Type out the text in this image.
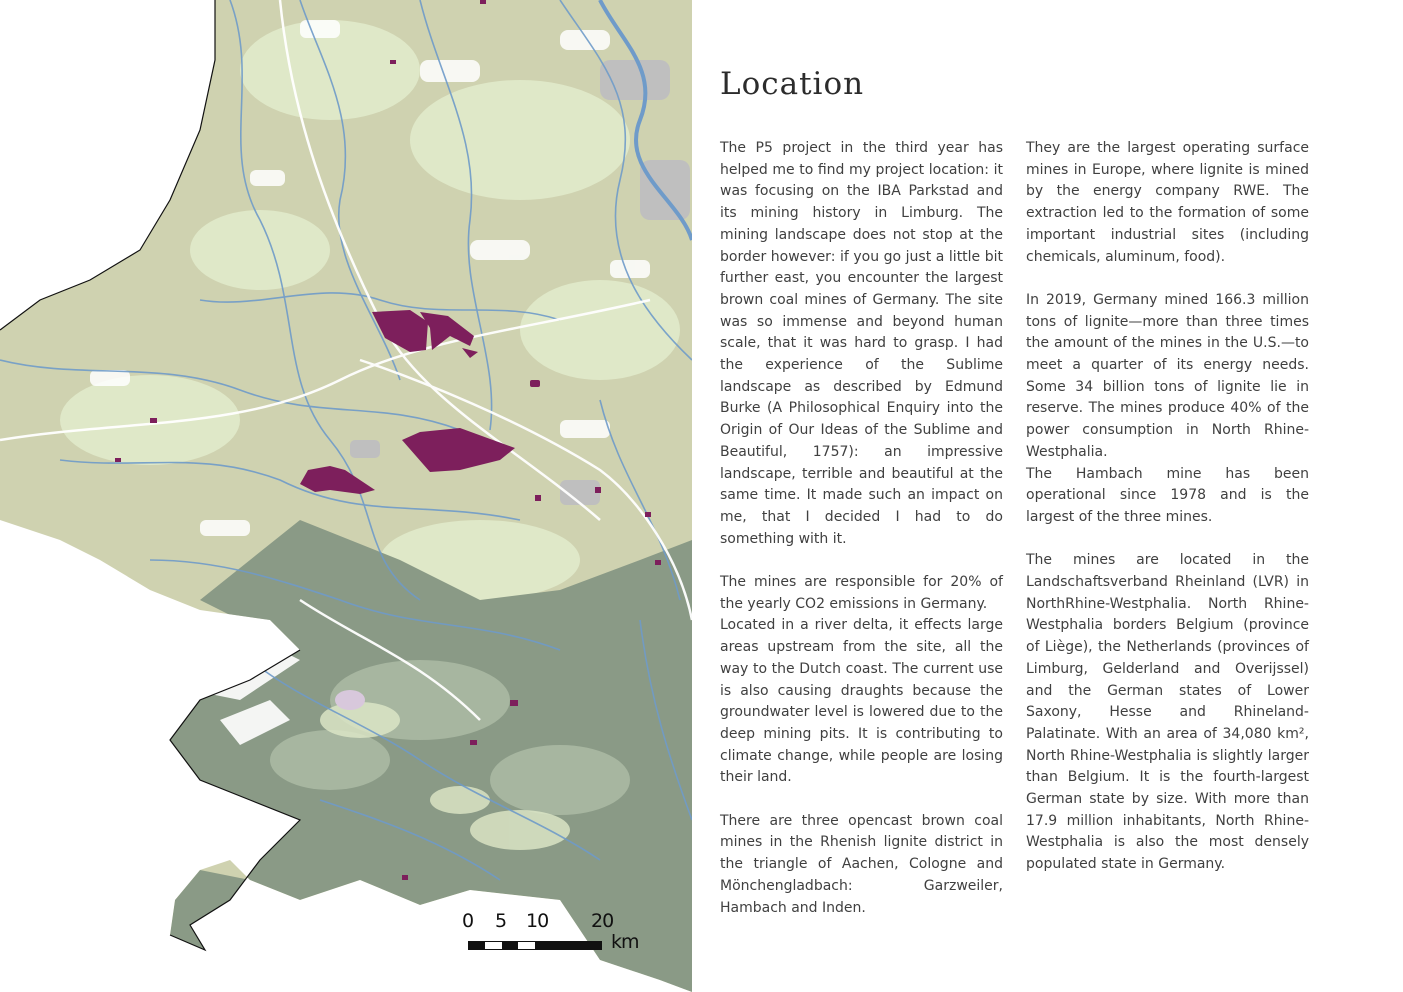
0 5 10 20
km
Location

The P5 project in the third year has helped me to find my project location: it was focusing on the IBA Parkstad and its mining history in Limburg. The mining landscape does not stop at the border however: if you go just a little bit further east, you encounter the largest brown coal mines of Germany. The site was so immense and beyond human scale, that it was hard to grasp. I had the experience of the Sublime landscape as described by Edmund Burke (A Philosophical Enquiry into the Origin of Our Ideas of the Sublime and Beautiful, 1757): an impressive landscape, terrible and beautiful at the same time. It made such an impact on me, that I decided I had to do something with it.

The mines are responsible for 20% of the yearly CO2 emissions in Germany.

Located in a river delta, it effects large areas upstream from the site, all the way to the Dutch coast. The current use is also causing draughts because the groundwater level is lowered due to the deep mining pits. It is contributing to climate change, while people are losing their land.

There are three opencast brown coal mines in the Rhenish lignite district in the triangle of Aachen, Cologne and Mönchengladbach: Garzweiler, Hambach and Inden.

They are the largest operating surface mines in Europe, where lignite is mined by the energy company RWE. The extraction led to the formation of some important industrial sites (including chemicals, aluminum, food).

In 2019, Germany mined 166.3 million tons of lignite—more than three times the amount of the mines in the U.S.—to meet a quarter of its energy needs. Some 34 billion tons of lignite lie in reserve. The mines produce 40% of the power consumption in North Rhine-Westphalia.

The Hambach mine has been operational since 1978 and is the largest of the three mines.

The mines are located in the Landschaftsverband Rheinland (LVR) in NorthRhine-Westphalia. North Rhine-Westphalia borders Belgium (province of Liège), the Netherlands (provinces of Limburg, Gelderland and Overijssel) and the German states of Lower Saxony, Hesse and Rhineland-Palatinate. With an area of 34,080 km², North Rhine-Westphalia is slightly larger than Belgium. It is the fourth-largest German state by size. With more than 17.9 million inhabitants, North Rhine-Westphalia is also the most densely populated state in Germany.
